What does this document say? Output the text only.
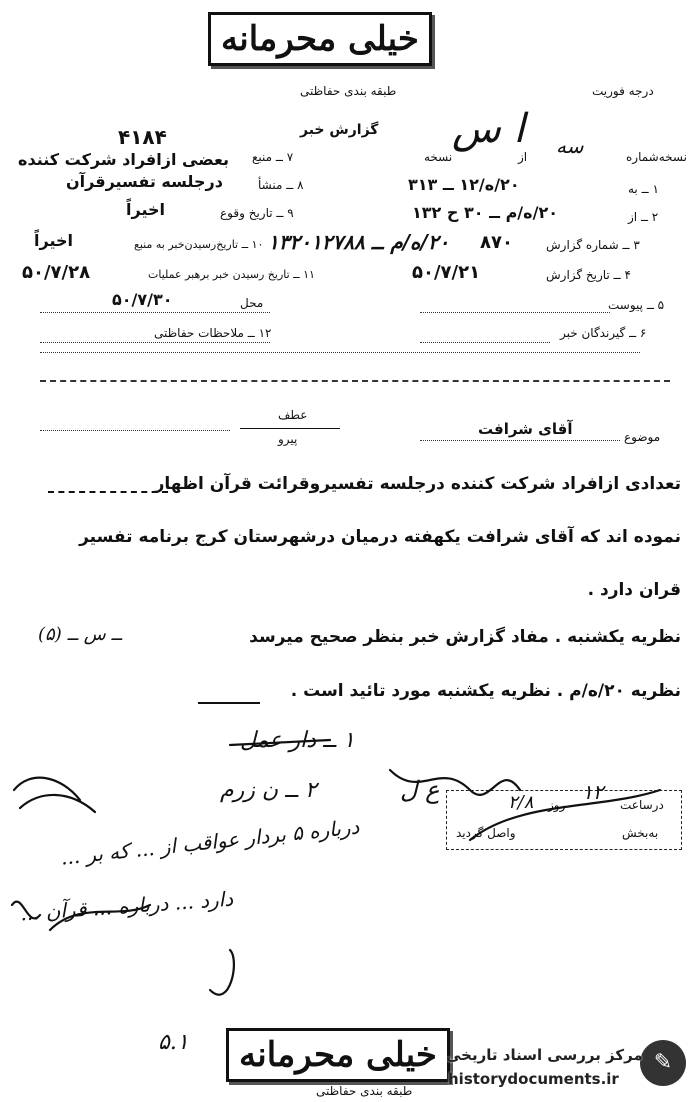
خیلی محرمانه
طبقه بندی حفاظتی	درجه فوریت
گزارش خبر
۴۱۸۴
نسخه‌شماره
سه
از
ا س
نسخه
۱ ــ به
۲۰/ه/۱۲ ــ ۳۱۳
۲ ــ از
۲۰/ه/م ــ ۳۰ ح ۱۳۲
۳ ــ شماره گزارش
۸۷۰
۴ ــ تاریخ گزارش
۵۰/۷/۲۱
۵ ــ پیوست
۶ ــ گیرندگان خبر
۷ ــ منبع
بعضی ازافراد شرکت کننده
۸ ــ منشأ
درجلسه تفسیرقرآن
۹ ــ تاریخ وقوع
اخیراً
۱۰ ــ تاریخ‌رسیدن‌خبر به منبع
اخیراً
۱۱ ــ تاریخ رسیدن خبر برهبر عملیات
۵۰/۷/۲۸
محل
۵۰/۷/۳۰
۱۲ ــ ملاحظات حفاظتی
۲۰/ه/م ــ ۱۳۲۰۱۲۷۸۸
موضوع
آقای شرافت
عطف
پیرو
تعدادی ازافراد شرکت کننده درجلسه تفسیروقرائت قرآن اظهار
نموده اند که آقای شرافت یکهفته درمیان درشهرستان کرج برنامه تفسیر
قران دارد .
نظریه یکشنبه . مفاد گزارش خبر بنظر صحیح میرسد
ــ س ــ (۵)
نظریه ۲۰/ه/م . نظریه یکشنبه مورد تائید است .
۱ ــ دار عمل
۲ ــ ن زرم
درباره ۵ بردار عواقب از ... که بر ...
دارد ... درباره ... قرآن ...
ع ل
درساعت
روز
به‌بخش
واصل گردید
۱۲
۲/۸
خیلی محرمانه
طبقه بندی حفاظتی
۵.۱
✎
مرکز بررسی اسناد تاریخی
historydocuments.ir
